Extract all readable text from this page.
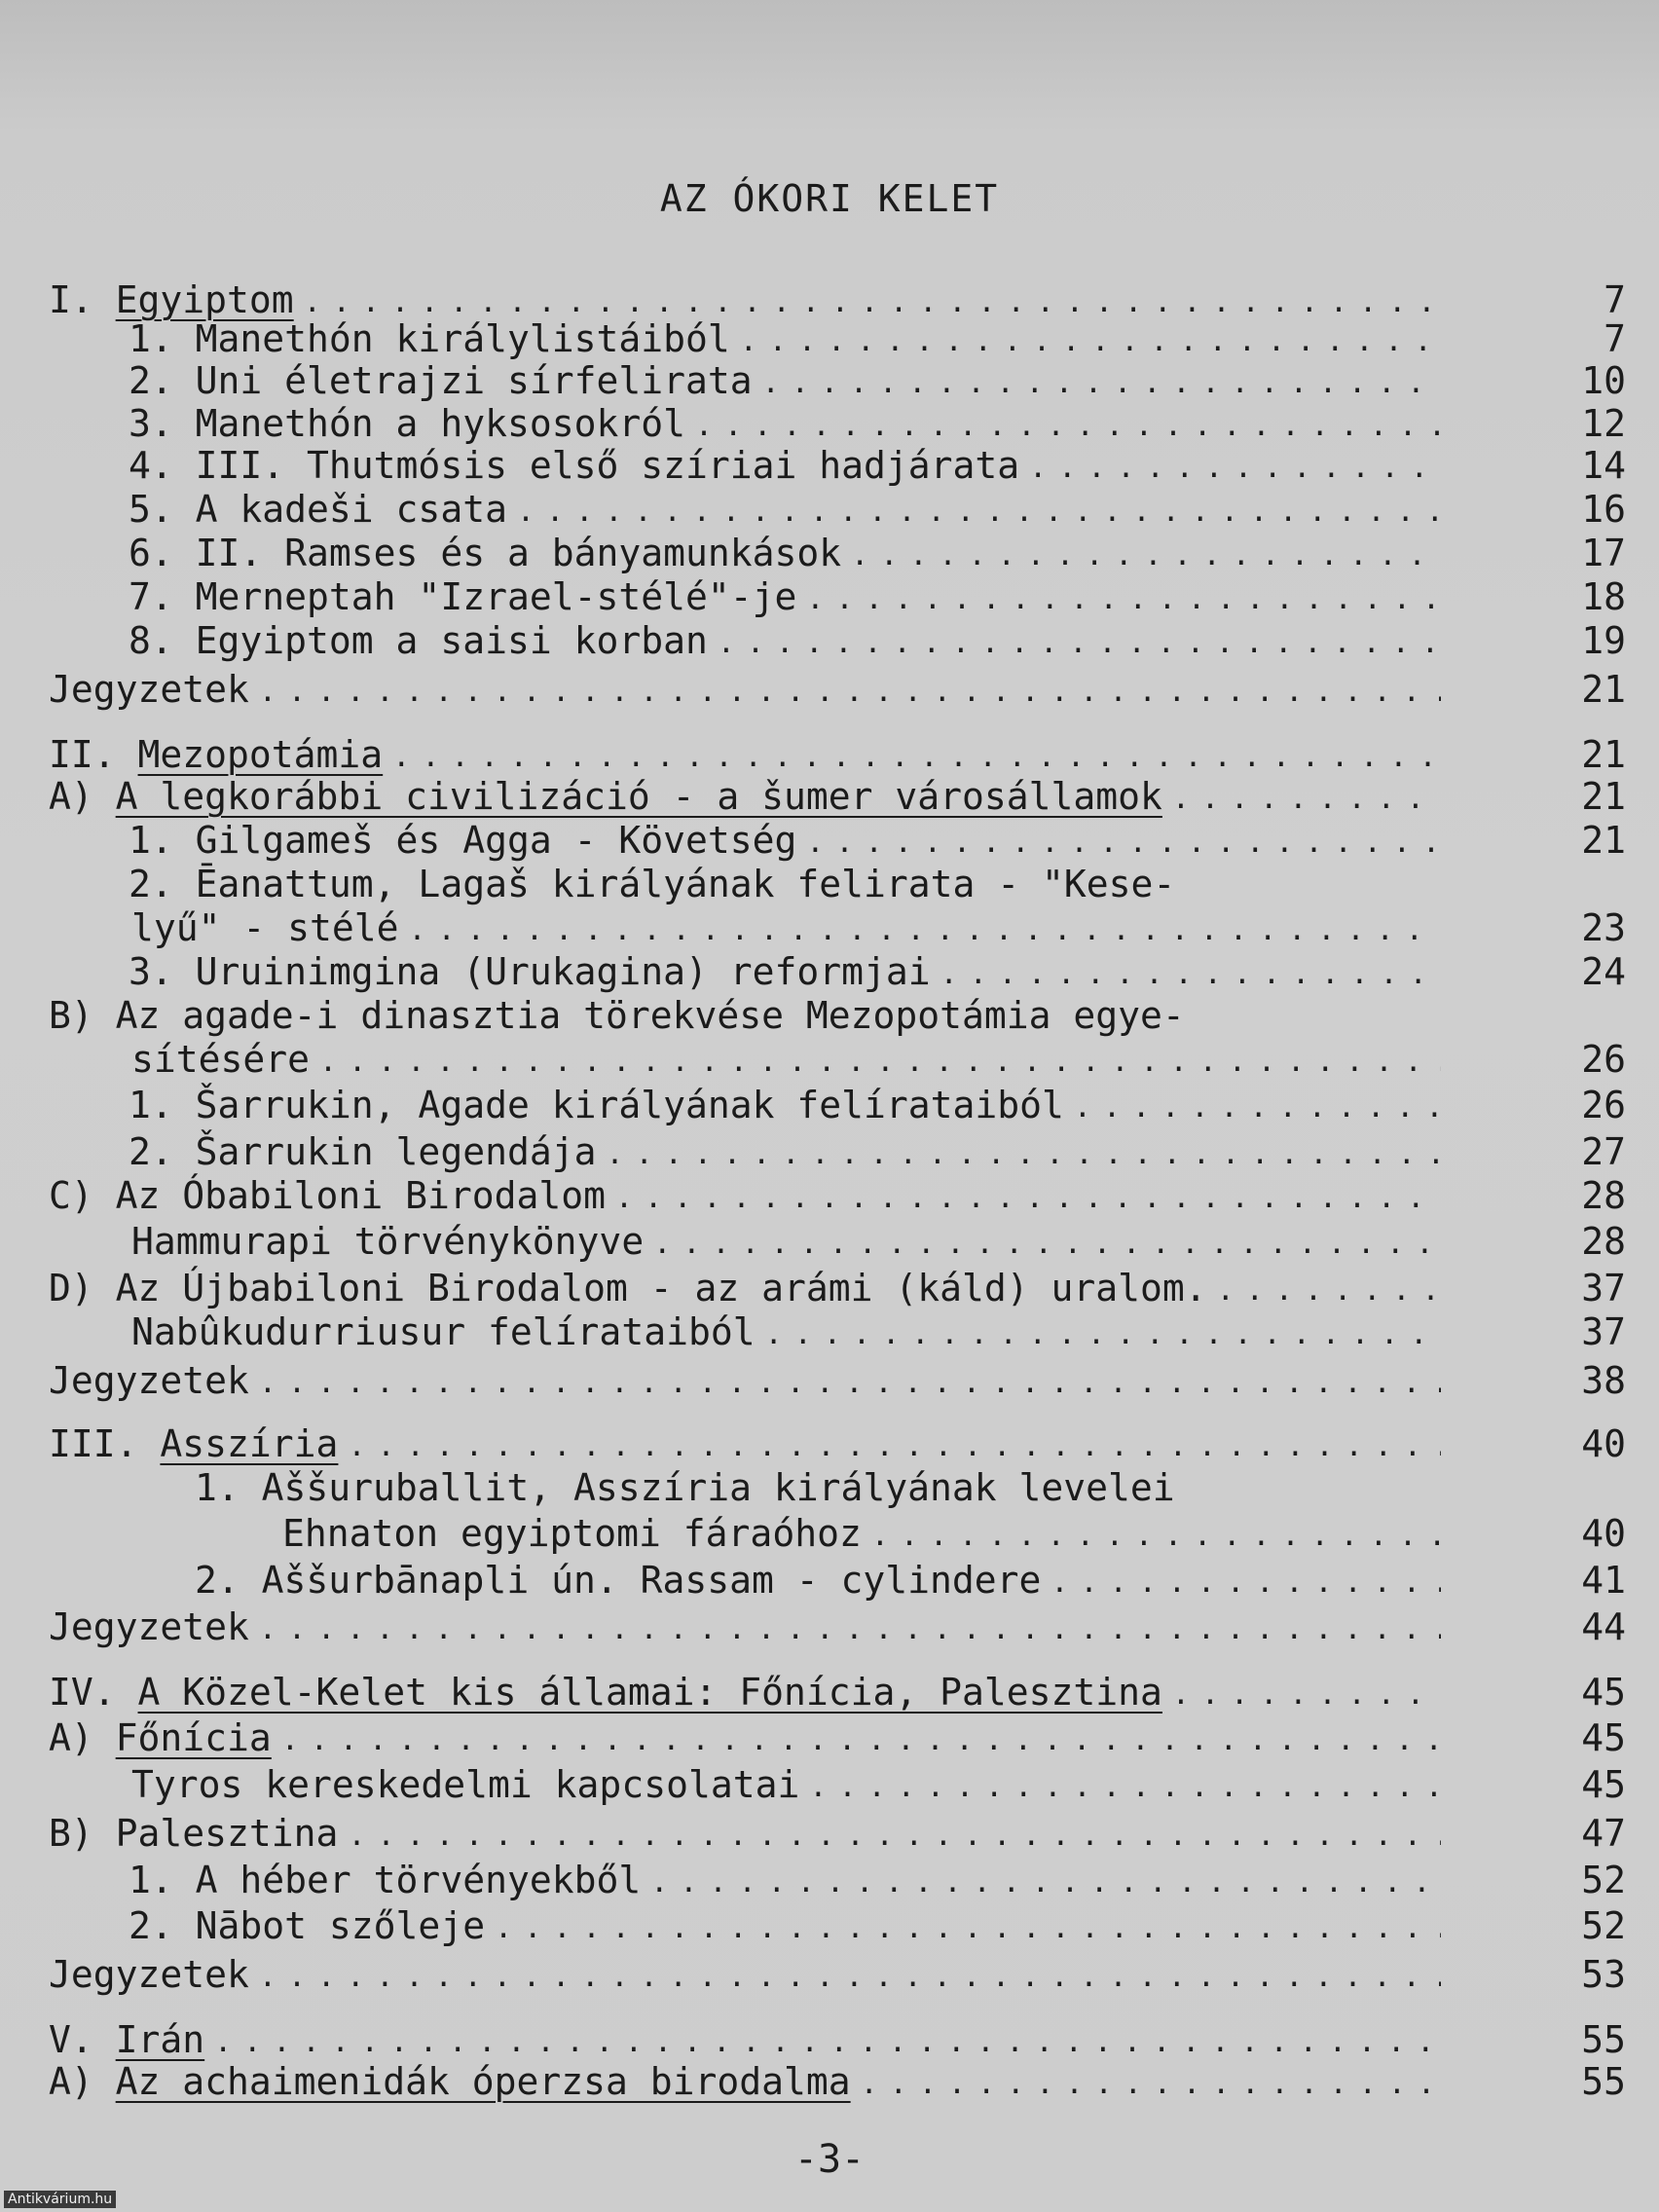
AZ ÓKORI KELET
I. Egyiptom . . .	7
1. Manethón királylistáiból . . .	7
2. Uni életrajzi sírfelirata . . .	10
3. Manethón a hyksosokról . . .	12
4. III. Thutmósis első szíriai hadjárata . . .	14
5. A kadeši csata . . .	16
6. II. Ramses és a bányamunkások . . .	17
7. Merneptah "Izrael-stélé"-je . . .	18
8. Egyiptom a saisi korban . . .	19
Jegyzetek . . .	21
II. Mezopotámia . . .	21
A) A legkorábbi civilizáció - a šumer városállamok . . .	21
1. Gilgameš és Agga - Követség . . .	21
2. Ēanattum, Lagaš királyának felirata - "Kese-
lyű" - stélé . . .	23
3. Uruinimgina (Urukagina) reformjai . . .	24
B) Az agade-i dinasztia törekvése Mezopotámia egye-
sítésére . . .	26
1. Šarrukin, Agade királyának felírataiból . . .	26
2. Šarrukin legendája . . .	27
C) Az Óbabiloni Birodalom . . .	28
Hammurapi törvénykönyve . . .	28
D) Az Újbabiloni Birodalom - az arámi (káld) uralom. . . .	37
Nabûkudurriusur felírataiból . . .	37
Jegyzetek . . .	38
III. Asszíria . . .	40
1. Aššuruballit, Asszíria királyának levelei
Ehnaton egyiptomi fáraóhoz . . .	40
2. Aššurbānapli ún. Rassam - cylindere . . .	41
Jegyzetek . . .	44
IV. A Közel-Kelet kis államai: Főnícia, Palesztina . . .	45
A) Főnícia . . .	45
Tyros kereskedelmi kapcsolatai . . .	45
B) Palesztina . . .	47
1. A héber törvényekből . . .	52
2. Nābot szőleje . . .	52
Jegyzetek . . .	53
V. Irán . . .	55
A) Az achaimenidák óperzsa birodalma . . .	55
-3-
Antikvárium.hu
